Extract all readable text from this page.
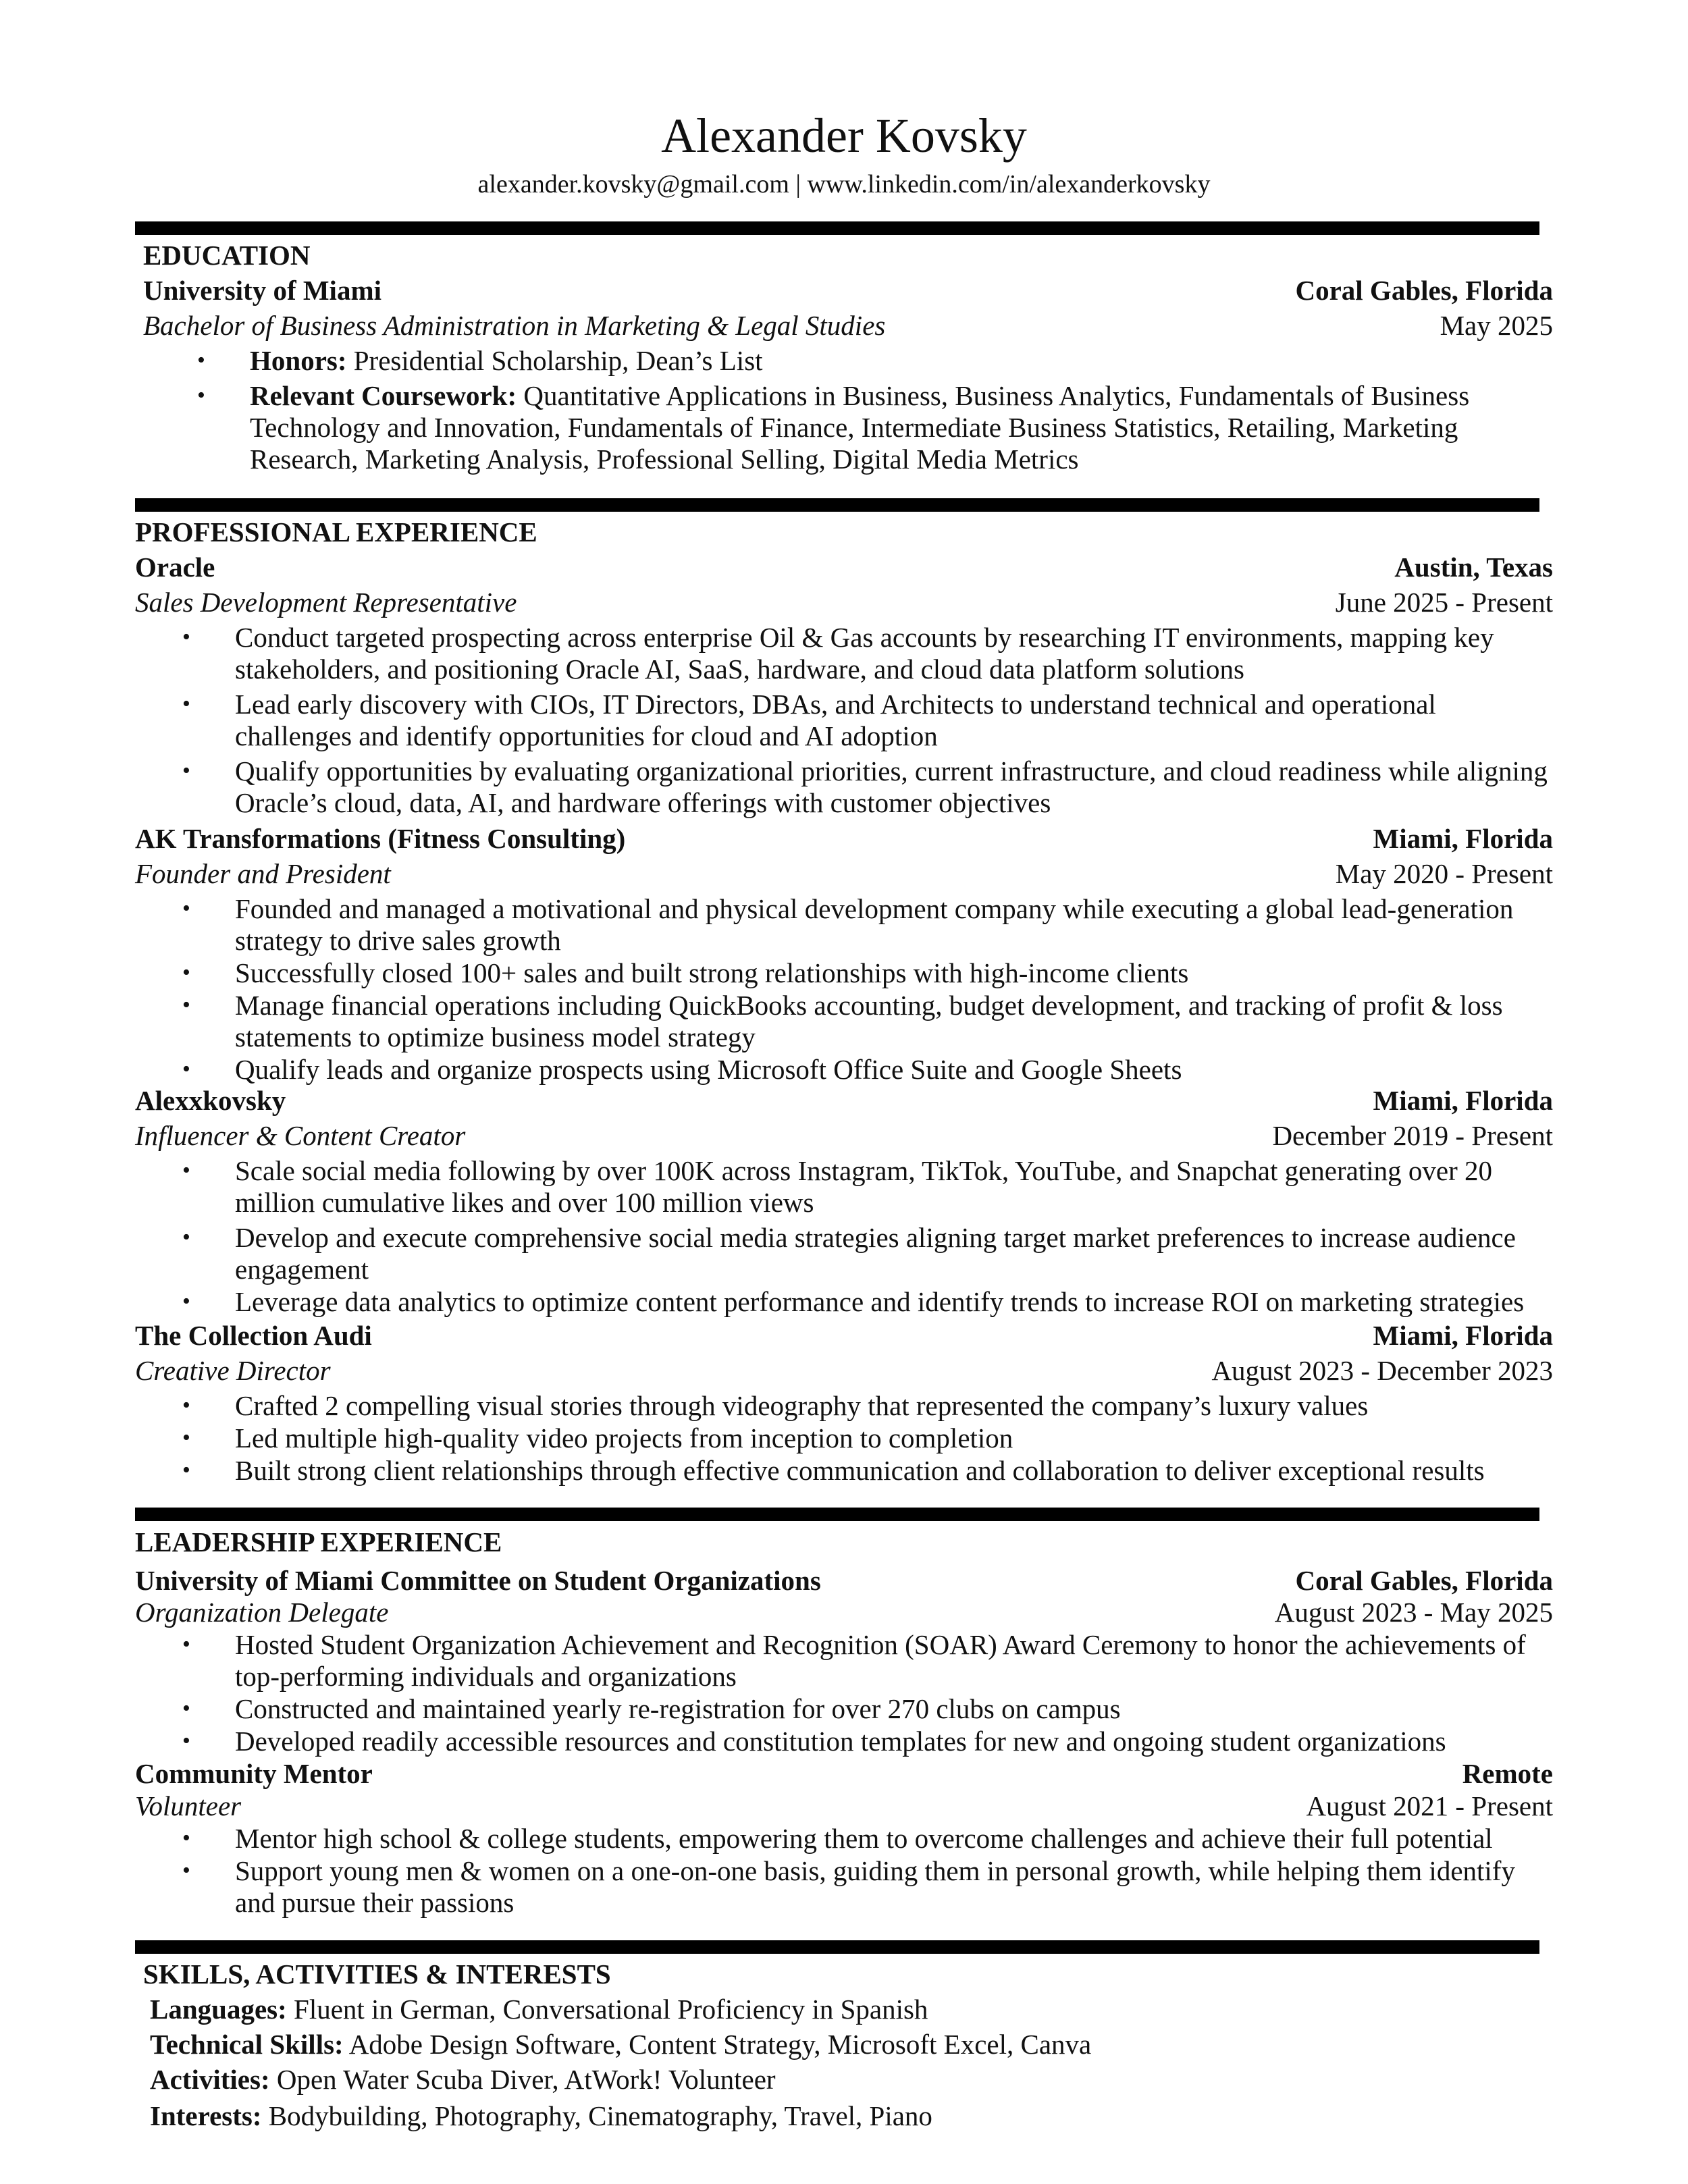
Alexander Kovsky
alexander.kovsky@gmail.com | www.linkedin.com/in/alexanderkovsky
EDUCATION
University of Miami	Coral Gables, Florida
Bachelor of Business Administration in Marketing & Legal Studies	May 2025
• Honors: Presidential Scholarship, Dean’s List
• Relevant Coursework: Quantitative Applications in Business, Business Analytics, Fundamentals of Business
Technology and Innovation, Fundamentals of Finance, Intermediate Business Statistics, Retailing, Marketing
Research, Marketing Analysis, Professional Selling, Digital Media Metrics
PROFESSIONAL EXPERIENCE
Oracle	Austin, Texas
Sales Development Representative	June 2025 - Present
• Conduct targeted prospecting across enterprise Oil & Gas accounts by researching IT environments, mapping key
stakeholders, and positioning Oracle AI, SaaS, hardware, and cloud data platform solutions
• Lead early discovery with CIOs, IT Directors, DBAs, and Architects to understand technical and operational
challenges and identify opportunities for cloud and AI adoption
• Qualify opportunities by evaluating organizational priorities, current infrastructure, and cloud readiness while aligning
Oracle’s cloud, data, AI, and hardware offerings with customer objectives
AK Transformations (Fitness Consulting)	Miami, Florida
Founder and President	May 2020 - Present
• Founded and managed a motivational and physical development company while executing a global lead-generation
strategy to drive sales growth
• Successfully closed 100+ sales and built strong relationships with high-income clients
• Manage financial operations including QuickBooks accounting, budget development, and tracking of profit & loss
statements to optimize business model strategy
• Qualify leads and organize prospects using Microsoft Office Suite and Google Sheets
Alexxkovsky	Miami, Florida
Influencer & Content Creator	December 2019 - Present
• Scale social media following by over 100K across Instagram, TikTok, YouTube, and Snapchat generating over 20
million cumulative likes and over 100 million views
• Develop and execute comprehensive social media strategies aligning target market preferences to increase audience
engagement
• Leverage data analytics to optimize content performance and identify trends to increase ROI on marketing strategies
The Collection Audi	Miami, Florida
Creative Director	August 2023 - December 2023
• Crafted 2 compelling visual stories through videography that represented the company’s luxury values
• Led multiple high-quality video projects from inception to completion
• Built strong client relationships through effective communication and collaboration to deliver exceptional results
LEADERSHIP EXPERIENCE
University of Miami Committee on Student Organizations	Coral Gables, Florida
Organization Delegate	August 2023 - May 2025
• Hosted Student Organization Achievement and Recognition (SOAR) Award Ceremony to honor the achievements of
top-performing individuals and organizations
• Constructed and maintained yearly re-registration for over 270 clubs on campus
• Developed readily accessible resources and constitution templates for new and ongoing student organizations
Community Mentor	Remote
Volunteer	August 2021 - Present
• Mentor high school & college students, empowering them to overcome challenges and achieve their full potential
• Support young men & women on a one-on-one basis, guiding them in personal growth, while helping them identify
and pursue their passions
SKILLS, ACTIVITIES & INTERESTS
Languages: Fluent in German, Conversational Proficiency in Spanish
Technical Skills: Adobe Design Software, Content Strategy, Microsoft Excel, Canva
Activities: Open Water Scuba Diver, AtWork! Volunteer
Interests: Bodybuilding, Photography, Cinematography, Travel, Piano
